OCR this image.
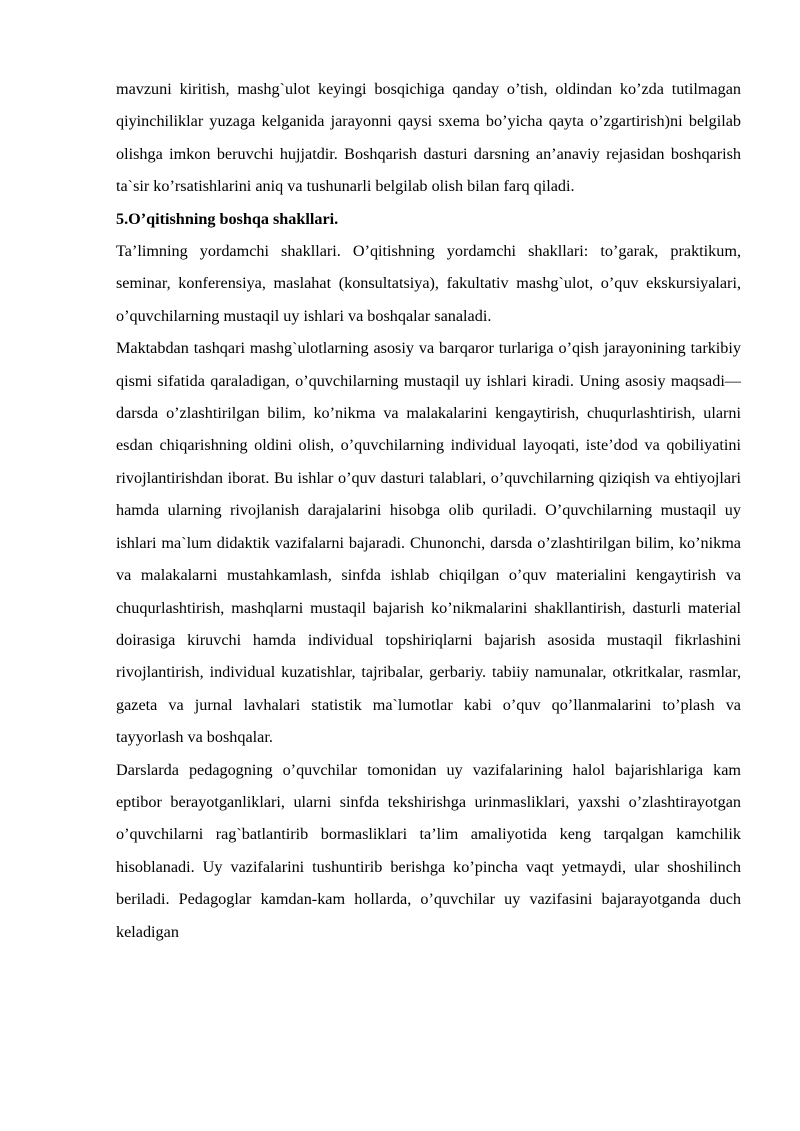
mavzuni kiritish, mashg`ulot keyingi bosqichiga qanday o’tish, oldindan ko’zda tutilmagan qiyinchiliklar yuzaga kelganida jarayonni qaysi sxema bo’yicha qayta o’zgartirish)ni belgilab olishga imkon beruvchi hujjatdir. Boshqarish dasturi darsning an’anaviy rejasidan boshqarish ta`sir ko’rsatishlarini aniq va tushunarli belgilab olish bilan farq qiladi.

5.O’qitishning boshqa shakllari.

Ta’limning yordamchi shakllari. O’qitishning yordamchi shakllari: to’garak, praktikum, seminar, konferensiya, maslahat (konsultatsiya), fakultativ mashg`ulot, o’quv ekskursiyalari, o’quvchilarning mustaqil uy ishlari va boshqalar sanaladi.

Maktabdan tashqari mashg`ulotlarning asosiy va barqaror turlariga o’qish jarayonining tarkibiy qismi sifatida qaraladigan, o’quvchilarning mustaqil uy ishlari kiradi. Uning asosiy maqsadi— darsda o’zlashtirilgan bilim, ko’nikma va malakalarini kengaytirish, chuqurlashtirish, ularni esdan chiqarishning oldini olish, o’quvchilarning individual layoqati, iste’dod va qobiliyatini rivojlantirishdan iborat. Bu ishlar o’quv dasturi talablari, o’quvchilarning qiziqish va ehtiyojlari hamda ularning rivojlanish darajalarini hisobga olib quriladi. O’quvchilarning mustaqil uy ishlari ma`lum didaktik vazifalarni bajaradi. Chunonchi, darsda o’zlashtirilgan bilim, ko’nikma va malakalarni mustahkamlash, sinfda ishlab chiqilgan o’quv materialini kengaytirish va chuqurlashtirish, mashqlarni mustaqil bajarish ko’nikmalarini shakllantirish, dasturli material doirasiga kiruvchi hamda individual topshiriqlarni bajarish asosida mustaqil fikrlashini rivojlantirish, individual kuzatishlar, tajribalar, gerbariy. tabiiy namunalar, otkritkalar, rasmlar, gazeta va jurnal lavhalari statistik ma`lumotlar kabi o’quv qo’llanmalarini to’plash va tayyorlash va boshqalar.

Darslarda pedagogning o’quvchilar tomonidan uy vazifalarining halol bajarishlariga kam eptibor berayotganliklari, ularni sinfda tekshirishga urinmasliklari, yaxshi o’zlashtirayotgan o’quvchilarni rag`batlantirib bormasliklari ta’lim amaliyotida keng tarqalgan kamchilik hisoblanadi. Uy vazifalarini tushuntirib berishga ko’pincha vaqt yetmaydi, ular shoshilinch beriladi. Pedagoglar kamdan-kam hollarda, o’quvchilar uy vazifasini bajarayotganda duch keladigan
